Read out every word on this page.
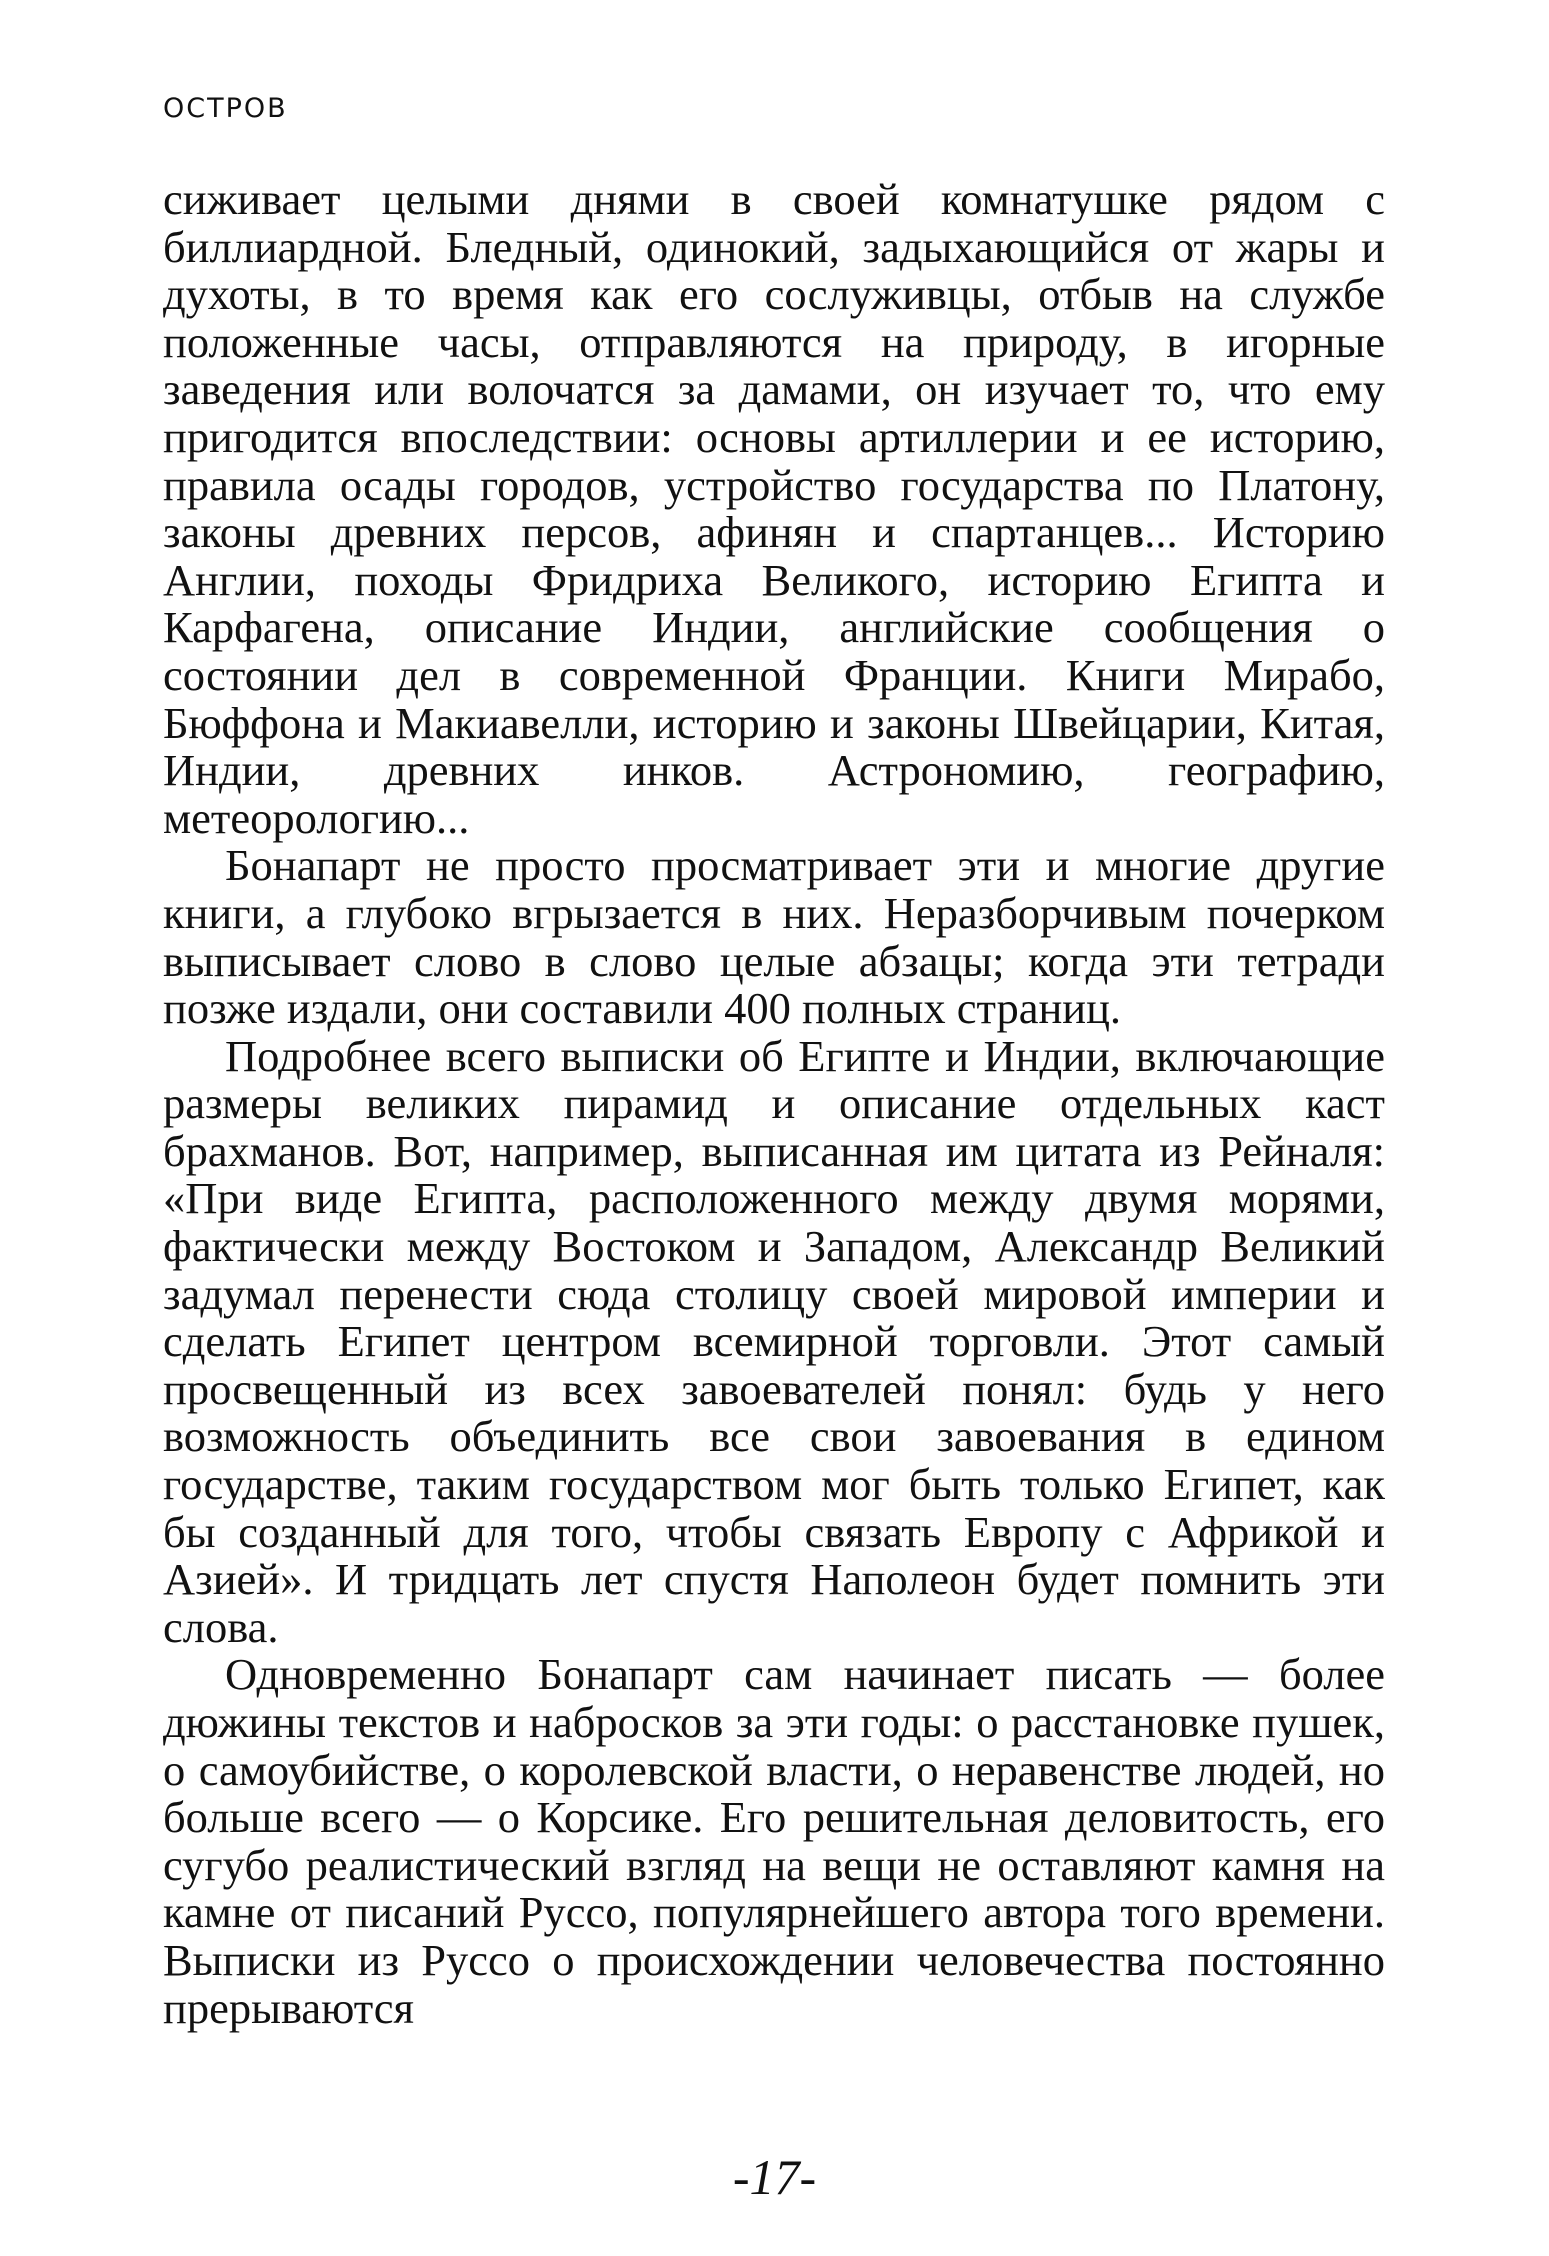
ОСТРОВ

сиживает целыми днями в своей комнатушке рядом с биллиардной. Бледный, одинокий, задыхающийся от жары и духоты, в то время как его сослуживцы, отбыв на службе положенные часы, отправляются на природу, в игорные заведения или волочатся за дамами, он изучает то, что ему пригодится впоследствии: основы артиллерии и ее историю, правила осады городов, устройство государства по Платону, законы древних персов, афинян и спартанцев... Историю Англии, походы Фридриха Великого, историю Египта и Карфагена, описание Индии, английские сообщения о состоянии дел в современной Франции. Книги Мирабо, Бюффона и Макиавелли, историю и законы Швейцарии, Китая, Индии, древних инков. Астрономию, географию, метеорологию...

Бонапарт не просто просматривает эти и многие другие книги, а глубоко вгрызается в них. Неразборчивым почерком выписывает слово в слово целые абзацы; когда эти тетради позже издали, они составили 400 полных страниц.

Подробнее всего выписки об Египте и Индии, включающие размеры великих пирамид и описание отдельных каст брахманов. Вот, например, выписанная им цитата из Рейналя: «При виде Египта, расположенного между двумя морями, фактически между Востоком и Западом, Александр Великий задумал перенести сюда столицу своей мировой империи и сделать Египет центром всемирной торговли. Этот самый просвещенный из всех завоевателей понял: будь у него возможность объединить все свои завоевания в едином государстве, таким государством мог быть только Египет, как бы созданный для того, чтобы связать Европу с Африкой и Азией». И тридцать лет спустя Наполеон будет помнить эти слова.

Одновременно Бонапарт сам начинает писать — более дюжины текстов и набросков за эти годы: о расстановке пушек, о самоубийстве, о королевской власти, о неравенстве людей, но больше всего — о Корсике. Его решительная деловитость, его сугубо реалистический взгляд на вещи не оставляют камня на камне от писаний Руссо, популярнейшего автора того времени. Выписки из Руссо о происхождении человечества постоянно прерываются

-17-
